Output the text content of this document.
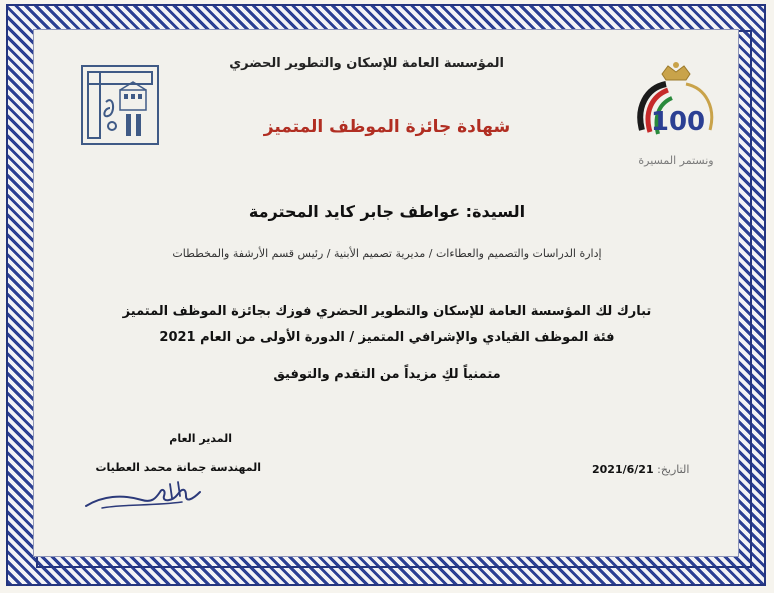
100
ونستمر المسيرة
المؤسسة العامة للإسكان والتطوير الحضري
شهادة جائزة الموظف المتميز
السيدة: عواطف جابر كايد المحترمة
إدارة الدراسات والتصميم والعطاءات / مديرية تصميم الأبنية / رئيس قسم الأرشفة والمخططات
تبارك لك المؤسسة العامة للإسكان والتطوير الحضري فوزك بجائزة الموظف المتميز
فئة الموظف القيادي والإشرافي المتميز / الدورة الأولى من العام 2021
متمنياً لكِ مزيداً من التقدم والتوفيق
المدير العام
المهندسة جمانة محمد العطيات	التاريخ: 2021/6/21
